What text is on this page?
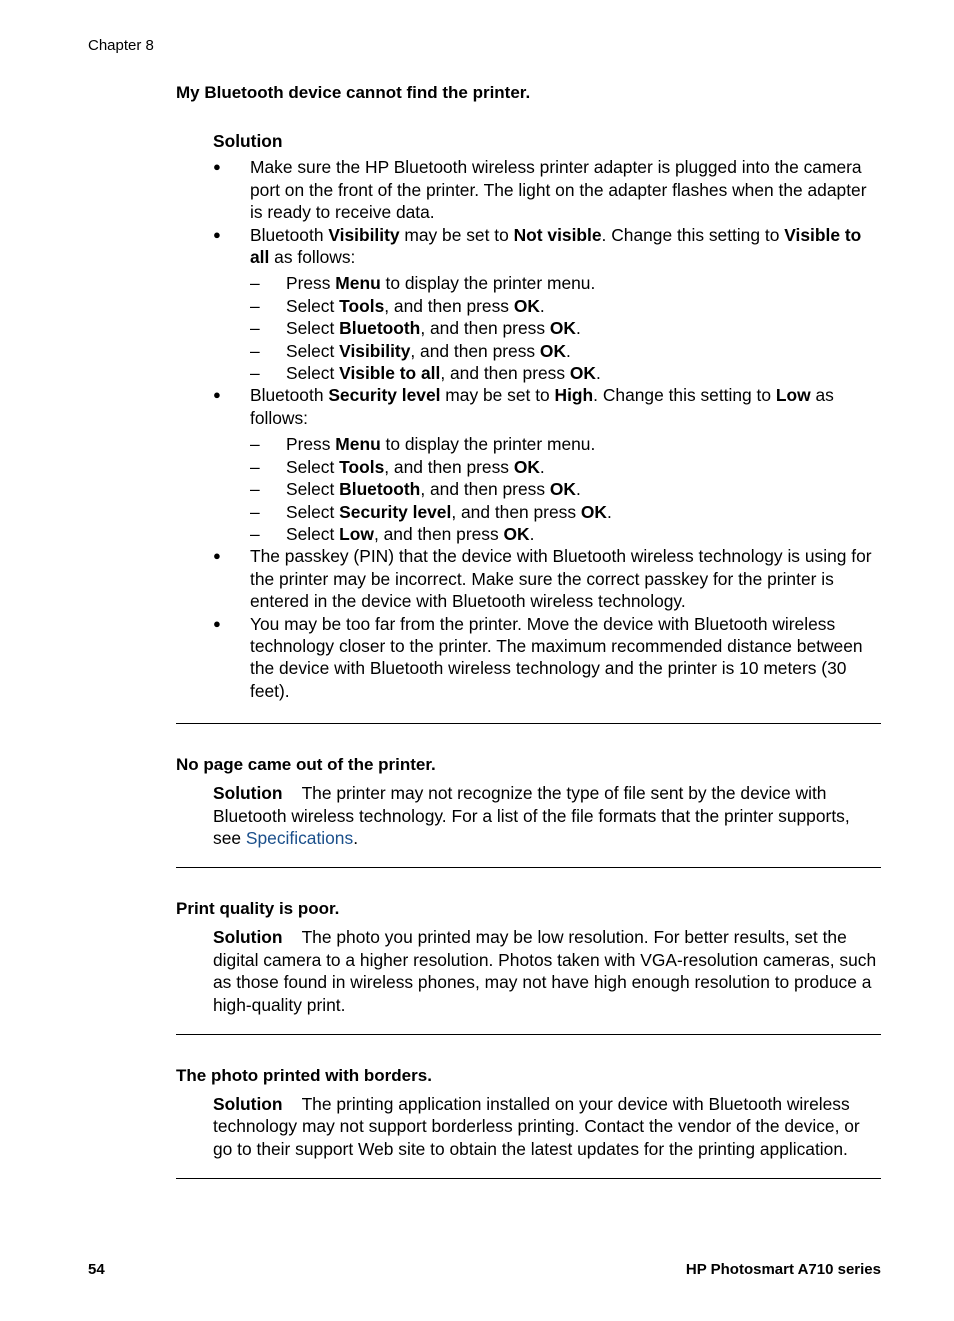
Chapter 8
My Bluetooth device cannot find the printer.
Solution
● Make sure the HP Bluetooth wireless printer adapter is plugged into the camera port on the front of the printer. The light on the adapter flashes when the adapter is ready to receive data.
● Bluetooth Visibility may be set to Not visible. Change this setting to Visible to all as follows:
– Press Menu to display the printer menu.
– Select Tools, and then press OK.
– Select Bluetooth, and then press OK.
– Select Visibility, and then press OK.
– Select Visible to all, and then press OK.
● Bluetooth Security level may be set to High. Change this setting to Low as follows:
– Press Menu to display the printer menu.
– Select Tools, and then press OK.
– Select Bluetooth, and then press OK.
– Select Security level, and then press OK.
– Select Low, and then press OK.
● The passkey (PIN) that the device with Bluetooth wireless technology is using for the printer may be incorrect. Make sure the correct passkey for the printer is entered in the device with Bluetooth wireless technology.
● You may be too far from the printer. Move the device with Bluetooth wireless technology closer to the printer. The maximum recommended distance between the device with Bluetooth wireless technology and the printer is 10 meters (30 feet).
No page came out of the printer.
Solution The printer may not recognize the type of file sent by the device with Bluetooth wireless technology. For a list of the file formats that the printer supports, see Specifications.
Print quality is poor.
Solution The photo you printed may be low resolution. For better results, set the digital camera to a higher resolution. Photos taken with VGA-resolution cameras, such as those found in wireless phones, may not have high enough resolution to produce a high-quality print.
The photo printed with borders.
Solution The printing application installed on your device with Bluetooth wireless technology may not support borderless printing. Contact the vendor of the device, or go to their support Web site to obtain the latest updates for the printing application.
54	HP Photosmart A710 series
